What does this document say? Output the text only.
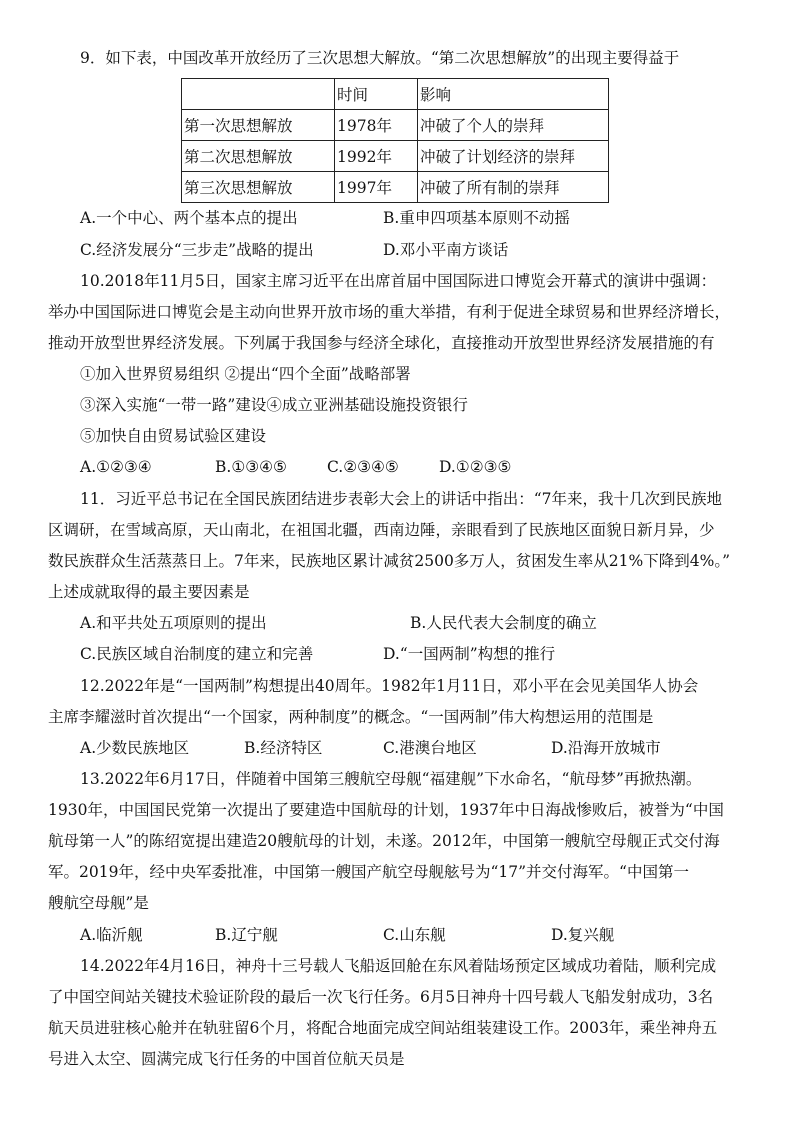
9．如下表，中国改革开放经历了三次思想大解放。“第二次思想解放”的出现主要得益于
	时间	影响
第一次思想解放	1978年	冲破了个人的崇拜
第二次思想解放	1992年	冲破了计划经济的崇拜
第三次思想解放	1997年	冲破了所有制的崇拜
A.一个中心、两个基本点的提出	B.重申四项基本原则不动摇
C.经济发展分“三步走”战略的提出	D.邓小平南方谈话
10.2018年11月5日，国家主席习近平在出席首届中国国际进口博览会开幕式的演讲中强调：
举办中国国际进口博览会是主动向世界开放市场的重大举措，有利于促进全球贸易和世界经济增长，
推动开放型世界经济发展。下列属于我国参与经济全球化，直接推动开放型世界经济发展措施的有
①加入世界贸易组织 ②提出“四个全面”战略部署
③深入实施“一带一路”建设④成立亚洲基础设施投资银行
⑤加快自由贸易试验区建设
A.①②③④	B.①③④⑤	C.②③④⑤	D.①②③⑤
11．习近平总书记在全国民族团结进步表彰大会上的讲话中指出：“7年来，我十几次到民族地
区调研，在雪域高原，天山南北，在祖国北疆，西南边陲，亲眼看到了民族地区面貌日新月异，少
数民族群众生活蒸蒸日上。7年来，民族地区累计减贫2500多万人，贫困发生率从21%下降到4%。”
上述成就取得的最主要因素是
A.和平共处五项原则的提出	B.人民代表大会制度的确立
C.民族区域自治制度的建立和完善	D.“一国两制”构想的推行
12.2022年是“一国两制”构想提出40周年。1982年1月11日，邓小平在会见美国华人协会
主席李耀滋时首次提出“一个国家，两种制度”的概念。“一国两制”伟大构想运用的范围是
A.少数民族地区	B.经济特区	C.港澳台地区	D.沿海开放城市
13.2022年6月17日，伴随着中国第三艘航空母舰“福建舰”下水命名，“航母梦”再掀热潮。
1930年，中国国民党第一次提出了要建造中国航母的计划，1937年中日海战惨败后，被誉为“中国
航母第一人”的陈绍宽提出建造20艘航母的计划，未遂。2012年，中国第一艘航空母舰正式交付海
军。2019年，经中央军委批准，中国第一艘国产航空母舰舷号为“17”并交付海军。“中国第一
艘航空母舰”是
A.临沂舰	B.辽宁舰	C.山东舰	D.复兴舰
14.2022年4月16日，神舟十三号载人飞船返回舱在东风着陆场预定区域成功着陆，顺利完成
了中国空间站关键技术验证阶段的最后一次飞行任务。6月5日神舟十四号载人飞船发射成功，3名
航天员进驻核心舱并在轨驻留6个月，将配合地面完成空间站组装建设工作。2003年，乘坐神舟五
号进入太空、圆满完成飞行任务的中国首位航天员是
